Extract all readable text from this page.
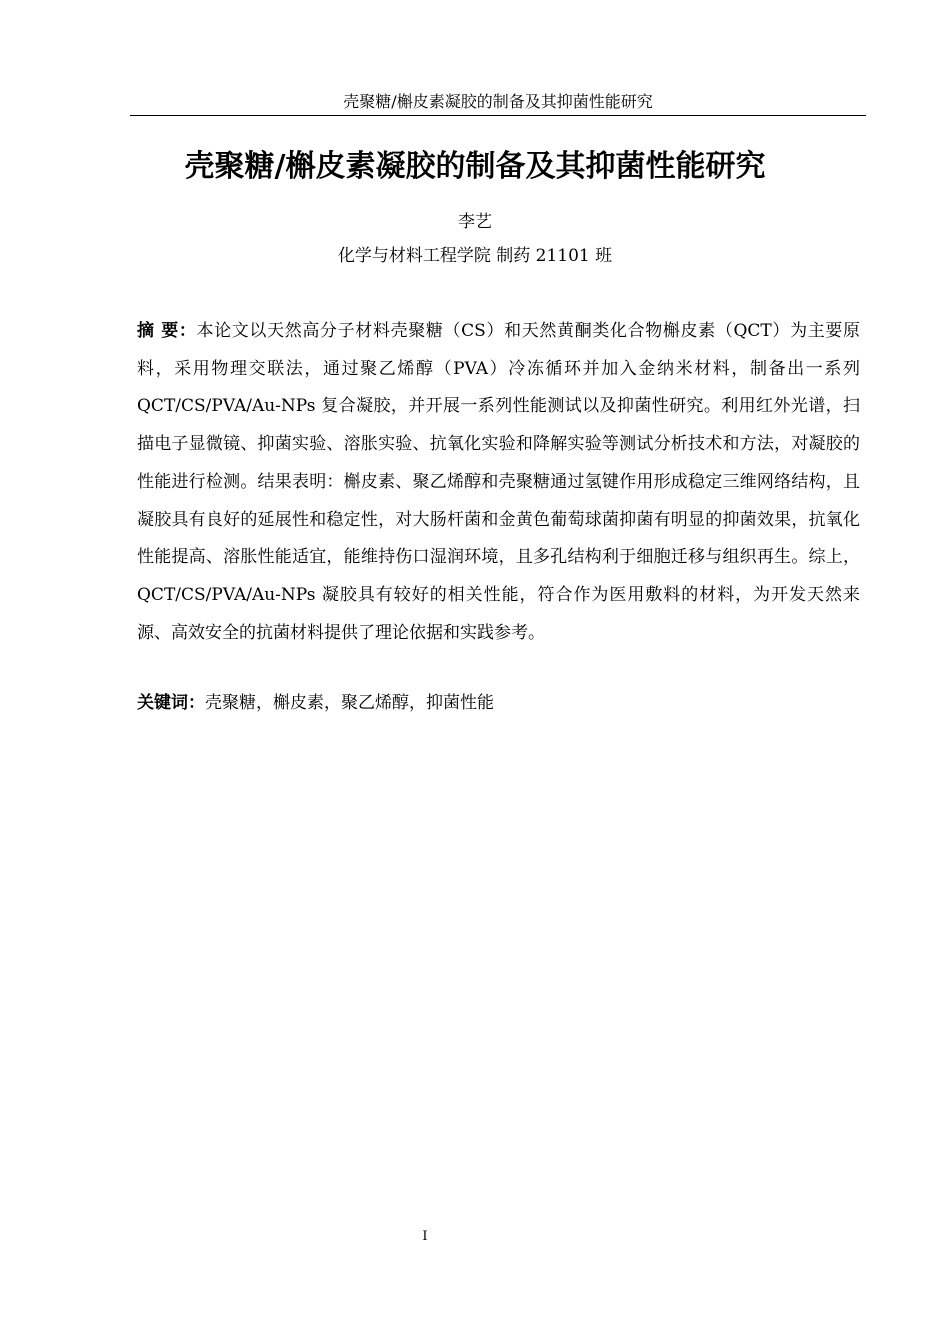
壳聚糖/槲皮素凝胶的制备及其抑菌性能研究
壳聚糖/槲皮素凝胶的制备及其抑菌性能研究
李艺
化学与材料工程学院 制药 21101 班

摘 要：本论文以天然高分子材料壳聚糖（CS）和天然黄酮类化合物槲皮素（QCT）为主要原料，采用物理交联法，通过聚乙烯醇（PVA）冷冻循环并加入金纳米材料，制备出一系列 QCT/CS/PVA/Au-NPs 复合凝胶，并开展一系列性能测试以及抑菌性研究。利用红外光谱，扫描电子显微镜、抑菌实验、溶胀实验、抗氧化实验和降解实验等测试分析技术和方法，对凝胶的性能进行检测。结果表明：槲皮素、聚乙烯醇和壳聚糖通过氢键作用形成稳定三维网络结构，且凝胶具有良好的延展性和稳定性，对大肠杆菌和金黄色葡萄球菌抑菌有明显的抑菌效果，抗氧化性能提高、溶胀性能适宜，能维持伤口湿润环境，且多孔结构利于细胞迁移与组织再生。综上，QCT/CS/PVA/Au-NPs 凝胶具有较好的相关性能，符合作为医用敷料的材料，为开发天然来源、高效安全的抗菌材料提供了理论依据和实践参考。

关键词：壳聚糖，槲皮素，聚乙烯醇，抑菌性能
I
